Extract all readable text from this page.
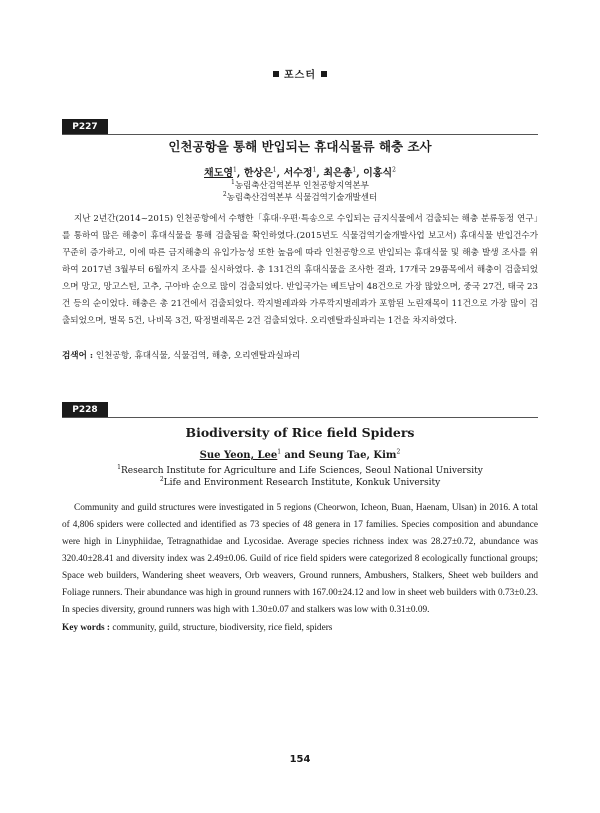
포스터
P227
인천공항을 통해 반입되는 휴대식물류 해충 조사
채도영$^1$, 한상은$^1$, 서수정$^1$, 최은총$^1$, 이홍식$^2$
$^1$농림축산검역본부 인천공항지역본부
$^2$농림축산검역본부 식물검역기술개발센터

지난 2년간(2014~2015) 인천공항에서 수행한「휴대·우편·특송으로 수입되는 금지식물에서 검출되는 해충 분류동정 연구」를 통하여 많은 해충이 휴대식물을 통해 검출됨을 확인하였다.(2015년도 식물검역기술개발사업 보고서) 휴대식물 반입건수가 꾸준히 증가하고, 이에 따른 금지해충의 유입가능성 또한 높음에 따라 인천공항으로 반입되는 휴대식물 및 해충 발생 조사를 위하여 2017년 3월부터 6월까지 조사를 실시하였다. 총 131건의 휴대식물을 조사한 결과, 17개국 29품목에서 해충이 검출되었으며 망고, 망고스틴, 고추, 구아바 순으로 많이 검출되었다. 반입국가는 베트남이 48건으로 가장 많았으며, 중국 27건, 태국 23건 등의 순이었다. 해충은 총 21건에서 검출되었다. 깍지벌레과와 가루깍지벌레과가 포함된 노린재목이 11건으로 가장 많이 검출되었으며, 벌목 5건, 나비목 3건, 딱정벌레목은 2건 검출되었다. 오리엔탈과실파리는 1건을 차지하였다.

검색어 : 인천공항, 휴대식물, 식물검역, 해충, 오리엔탈과실파리
P228
Biodiversity of Rice field Spiders
Sue Yeon, Lee$^1$ and Seung Tae, Kim$^2$
$^1$Research Institute for Agriculture and Life Sciences, Seoul National University
$^2$Life and Environment Research Institute, Konkuk University

Community and guild structures were investigated in 5 regions (Cheorwon, Icheon, Buan, Haenam, Ulsan) in 2016. A total of 4,806 spiders were collected and identified as 73 species of 48 genera in 17 families. Species composition and abundance were high in Linyphiidae, Tetragnathidae and Lycosidae. Average species richness index was 28.27±0.72, abundance was 320.40±28.41 and diversity index was 2.49±0.06. Guild of rice field spiders were categorized 8 ecologically functional groups; Space web builders, Wandering sheet weavers, Orb weavers, Ground runners, Ambushers, Stalkers, Sheet web builders and Foliage runners. Their abundance was high in ground runners with 167.00±24.12 and low in sheet web builders with 0.73±0.23. In species diversity, ground runners was high with 1.30±0.07 and stalkers was low with 0.31±0.09.

Key words : community, guild, structure, biodiversity, rice field, spiders
154
